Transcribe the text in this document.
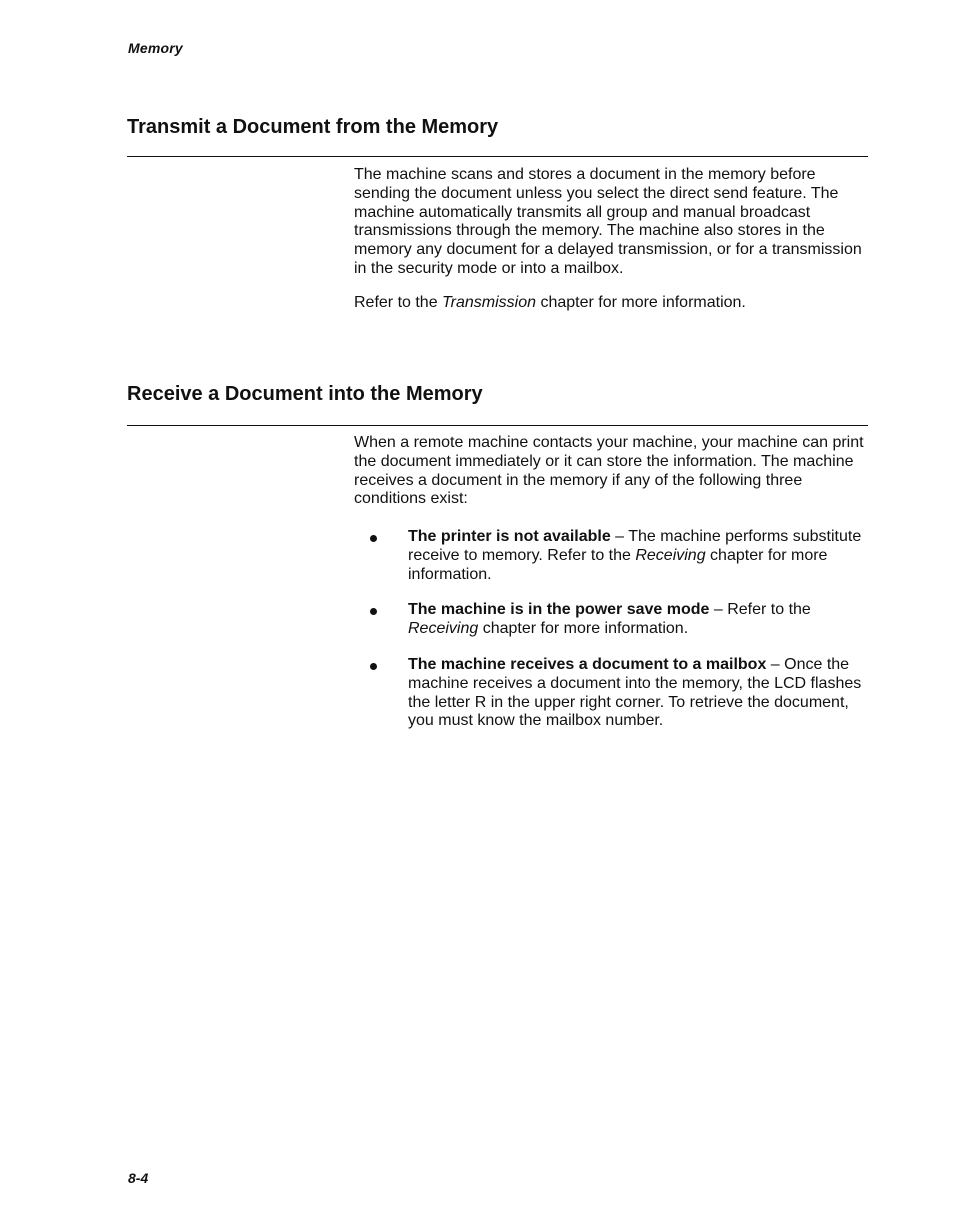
Memory
Transmit a Document from the Memory

The machine scans and stores a document in the memory before sending the document unless you select the direct send feature. The machine automatically transmits all group and manual broadcast transmissions through the memory. The machine also stores in the memory any document for a delayed transmission, or for a transmission in the security mode or into a mailbox.

Refer to the Transmission chapter for more information.

Receive a Document into the Memory

When a remote machine contacts your machine, your machine can print the document immediately or it can store the information. The machine receives a document in the memory if any of the following three conditions exist:

The printer is not available – The machine performs substitute receive to memory. Refer to the Receiving chapter for more information.
The machine is in the power save mode – Refer to the Receiving chapter for more information.
The machine receives a document to a mailbox – Once the machine receives a document into the memory, the LCD flashes the letter R in the upper right corner. To retrieve the document, you must know the mailbox number.
8-4
